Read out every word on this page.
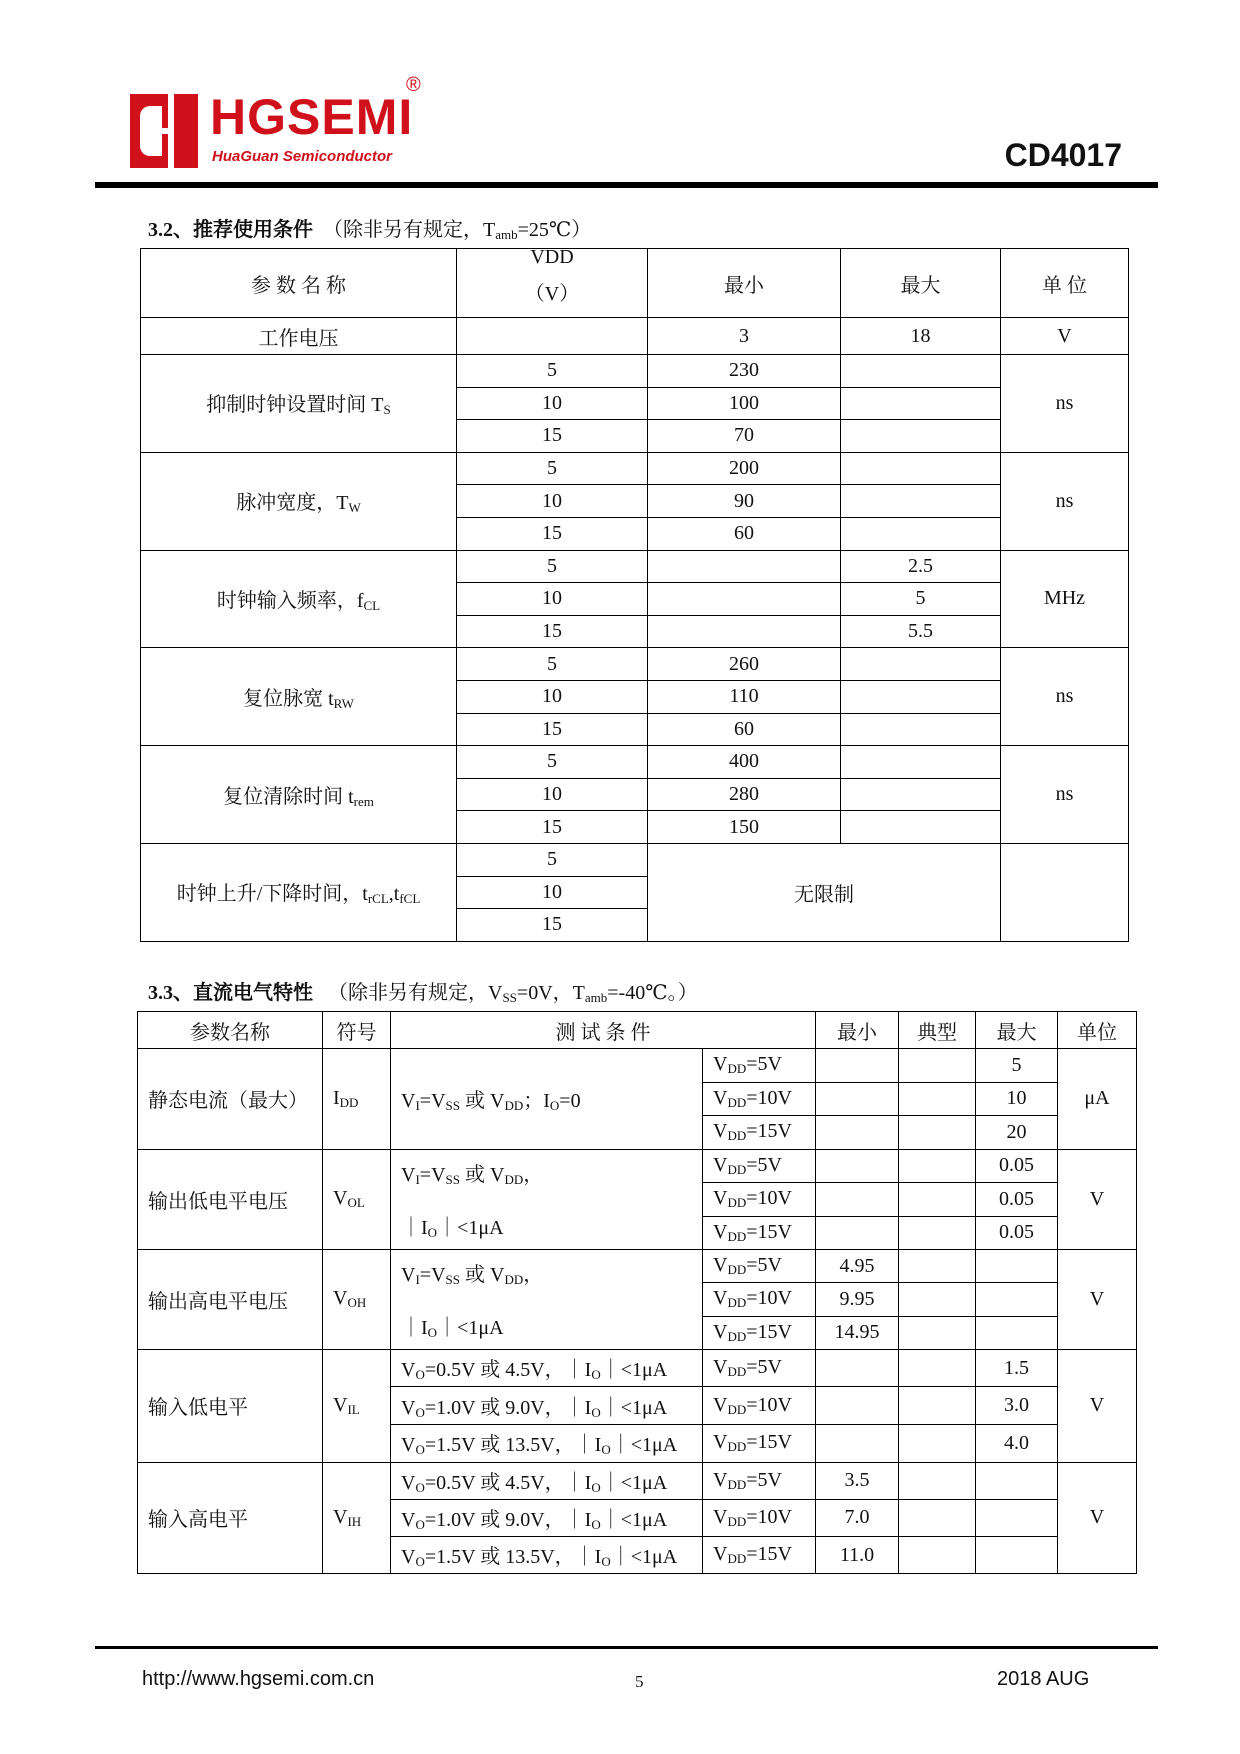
HGSEMI
HuaGuan Semiconductor
®
CD4017
3.2、推荐使用条件 （除非另有规定，$T_{amb}=25℃$）
参 数 名 称	VDD
（V）	最小	最大	单 位
工作电压		3	18	V
抑制时钟设置时间 $T_S$	5	230		ns
	10	100		
	15	70		
脉冲宽度，$T_W$	5	200		ns
	10	90		
	15	60		
时钟输入频率，$f_{CL}$	5		2.5	MHz
	10		5	
	15		5.5	
复位脉宽 $t_{RW}$	5	260		ns
	10	110		
	15	60		
复位清除时间 $t_{rem}$	5	400		ns
	10	280		
	15	150		
时钟上升/下降时间，$t_{rCL},t_{fCL}$	5	无限制		
	10			
	15			
3.3、直流电气特性 （除非另有规定，$V_{SS}=0V$，$T_{amb}=-40℃$。）
参数名称	符号	测 试 条 件		最小	典型	最大	单位
静态电流（最大）	$I_{DD}$	$V_I=V_{SS}$ 或 $V_{DD}$；$I_O=0$	$V_{DD}=5V$			5	μA
			$V_{DD}=10V$			10	
			$V_{DD}=15V$			20	
输出低电平电压	$V_{OL}$	$V_I=V_{SS}$ 或 $V_{DD}$，

$|I_O|<1\mu A$	$V_{DD}=5V$			0.05	V
			$V_{DD}=10V$			0.05	
			$V_{DD}=15V$			0.05	
输出高电平电压	$V_{OH}$	$V_I=V_{SS}$ 或 $V_{DD}$，

$|I_O|<1\mu A$	$V_{DD}=5V$	4.95			V
			$V_{DD}=10V$	9.95			
			$V_{DD}=15V$	14.95			
输入低电平	$V_{IL}$	$V_O=0.5V$ 或 4.5V，$|I_O|<1\mu A$	$V_{DD}=5V$			1.5	V
		$V_O=1.0V$ 或 9.0V，$|I_O|<1\mu A$	$V_{DD}=10V$			3.0	
		$V_O=1.5V$ 或 13.5V，$|I_O|<1\mu A$	$V_{DD}=15V$			4.0	
输入高电平	$V_{IH}$	$V_O=0.5V$ 或 4.5V，$|I_O|<1\mu A$	$V_{DD}=5V$	3.5			V
		$V_O=1.0V$ 或 9.0V，$|I_O|<1\mu A$	$V_{DD}=10V$	7.0			
		$V_O=1.5V$ 或 13.5V，$|I_O|<1\mu A$	$V_{DD}=15V$	11.0			
http://www.hgsemi.com.cn	5	2018 AUG
